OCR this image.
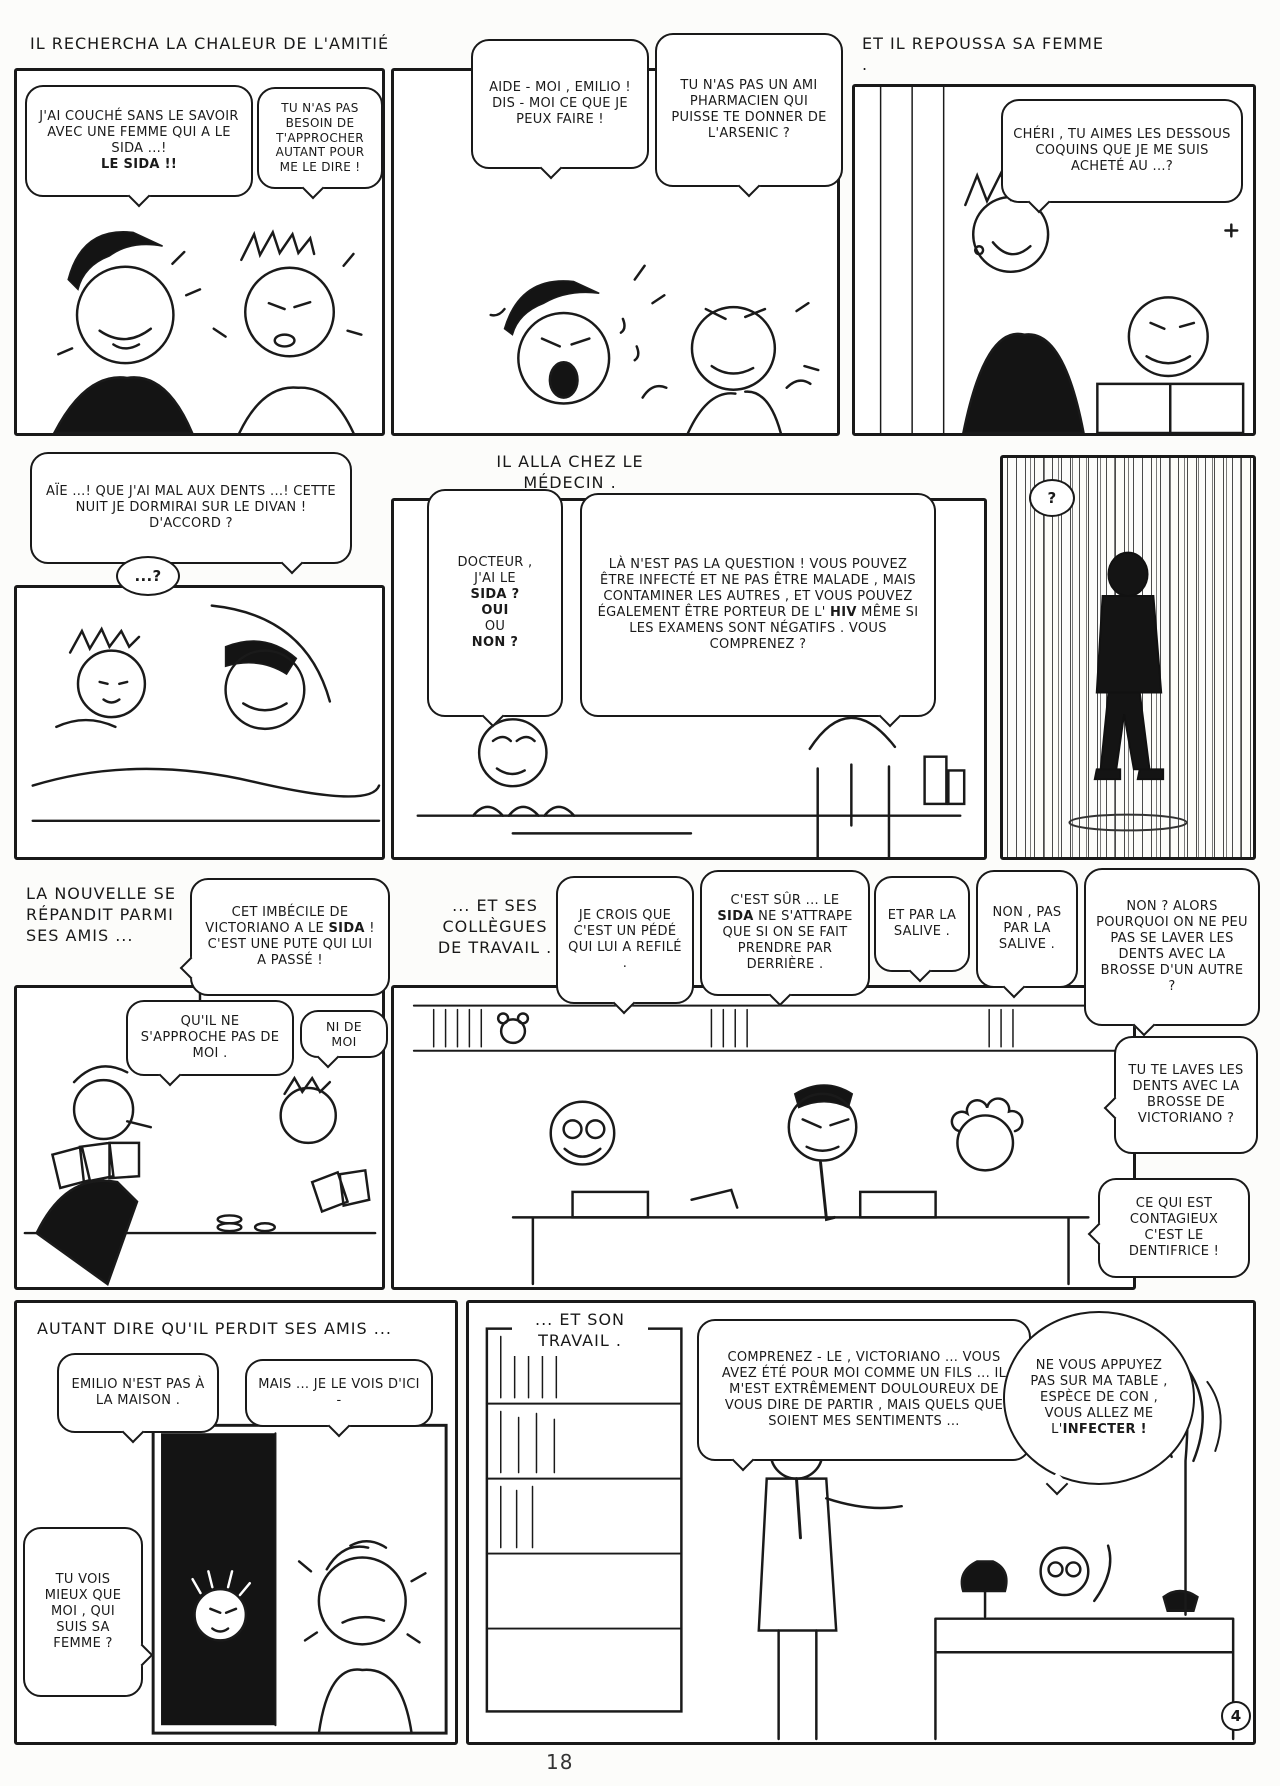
IL RECHERCHA LA CHALEUR DE L'AMITIÉ
J'AI COUCHÉ SANS LE SAVOIR AVEC UNE FEMME QUI A LE SIDA ...!
LE SIDA !!
TU N'AS PAS BESOIN DE T'APPROCHER AUTANT POUR ME LE DIRE !
AIDE - MOI , EMILIO ! DIS - MOI CE QUE JE PEUX FAIRE !
TU N'AS PAS UN AMI PHARMACIEN QUI PUISSE TE DONNER DE L'ARSENIC ?
ET IL REPOUSSA SA FEMME .
CHÉRI , TU AIMES LES DESSOUS COQUINS QUE JE ME SUIS ACHETÉ AU ...?
AÏE ...! QUE J'AI MAL AUX DENTS ...! CETTE NUIT JE DORMIRAI SUR LE DIVAN ! D'ACCORD ?
...?
IL ALLA CHEZ LE MÉDECIN .
DOCTEUR ,
J'AI LE
SIDA ?
OUI
OU
NON ?
LÀ N'EST PAS LA QUESTION ! VOUS POUVEZ ÊTRE INFECTÉ ET NE PAS ÊTRE MALADE , MAIS CONTAMINER LES AUTRES , ET VOUS POUVEZ ÉGALEMENT ÊTRE PORTEUR DE L' HIV MÊME SI LES EXAMENS SONT NÉGATIFS . VOUS COMPRENEZ ?
?
LA NOUVELLE SE RÉPANDIT PARMI SES AMIS ...
CET IMBÉCILE DE VICTORIANO A LE SIDA ! C'EST UNE PUTE QUI LUI A PASSÉ !
QU'IL NE S'APPROCHE PAS DE MOI .
NI DE MOI
... ET SES COLLÈGUES DE TRAVAIL .
JE CROIS QUE C'EST UN PÉDÉ QUI LUI A REFILÉ .
C'EST SÛR ... LE SIDA NE S'ATTRAPE QUE SI ON SE FAIT PRENDRE PAR DERRIÈRE .
ET PAR LA SALIVE .
NON , PAS PAR LA SALIVE .
NON ? ALORS POURQUOI ON NE PEU PAS SE LAVER LES DENTS AVEC LA BROSSE D'UN AUTRE ?
TU TE LAVES LES DENTS AVEC LA BROSSE DE VICTORIANO ?
CE QUI EST CONTAGIEUX C'EST LE DENTIFRICE !
AUTANT DIRE QU'IL PERDIT SES AMIS ...
EMILIO N'EST PAS À LA MAISON .
MAIS ... JE LE VOIS D'ICI -
TU VOIS MIEUX QUE MOI , QUI SUIS SA FEMME ?
... ET SON TRAVAIL .
COMPRENEZ - LE , VICTORIANO ... VOUS AVEZ ÉTÉ POUR MOI COMME UN FILS ... IL M'EST EXTRÊMEMENT DOULOUREUX DE VOUS DIRE DE PARTIR , MAIS QUELS QUE SOIENT MES SENTIMENTS ...
NE VOUS APPUYEZ PAS SUR MA TABLE , ESPÈCE DE CON , VOUS ALLEZ ME L'INFECTER !
4
18
